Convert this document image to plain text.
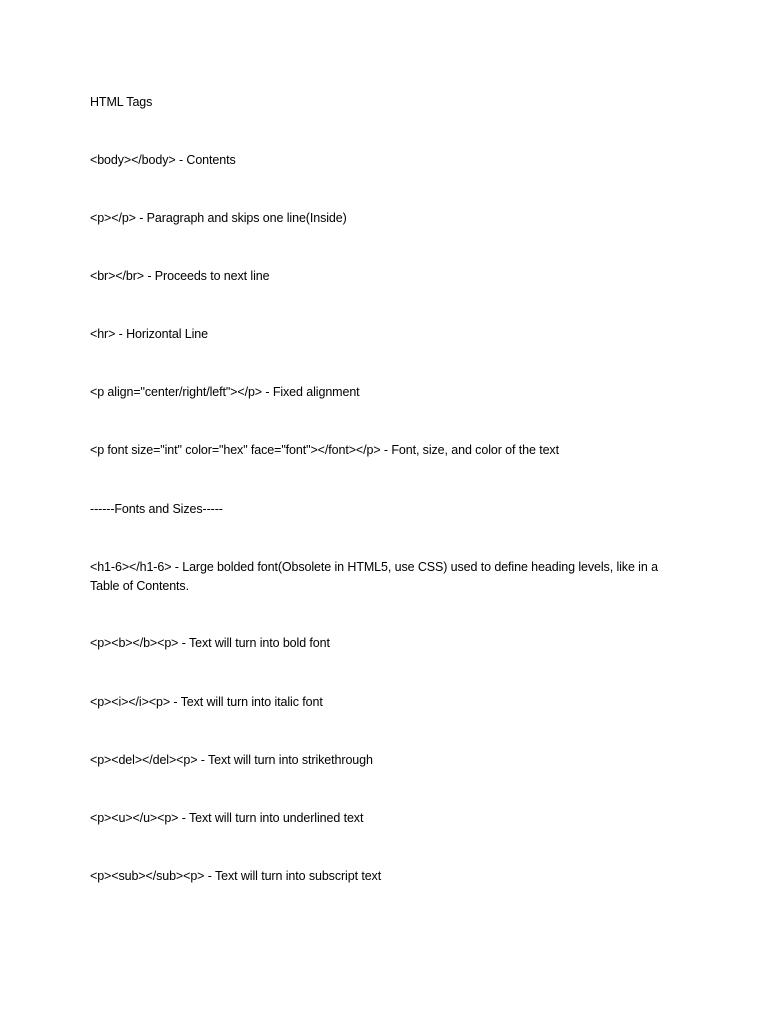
HTML Tags
<body></body> - Contents
<p></p> - Paragraph and skips one line(Inside)
<br></br> - Proceeds to next line
<hr> - Horizontal Line
<p align="center/right/left"></p> - Fixed alignment
<p font size="int" color="hex" face="font"></font></p> - Font, size, and color of the text
------Fonts and Sizes-----
<h1-6></h1-6> - Large bolded font(Obsolete in HTML5, use CSS) used to define heading levels, like in a Table of Contents.
<p><b></b><p> - Text will turn into bold font
<p><i></i><p> - Text will turn into italic font
<p><del></del><p> - Text will turn into strikethrough
<p><u></u><p> - Text will turn into underlined text
<p><sub></sub><p> - Text will turn into subscript text
